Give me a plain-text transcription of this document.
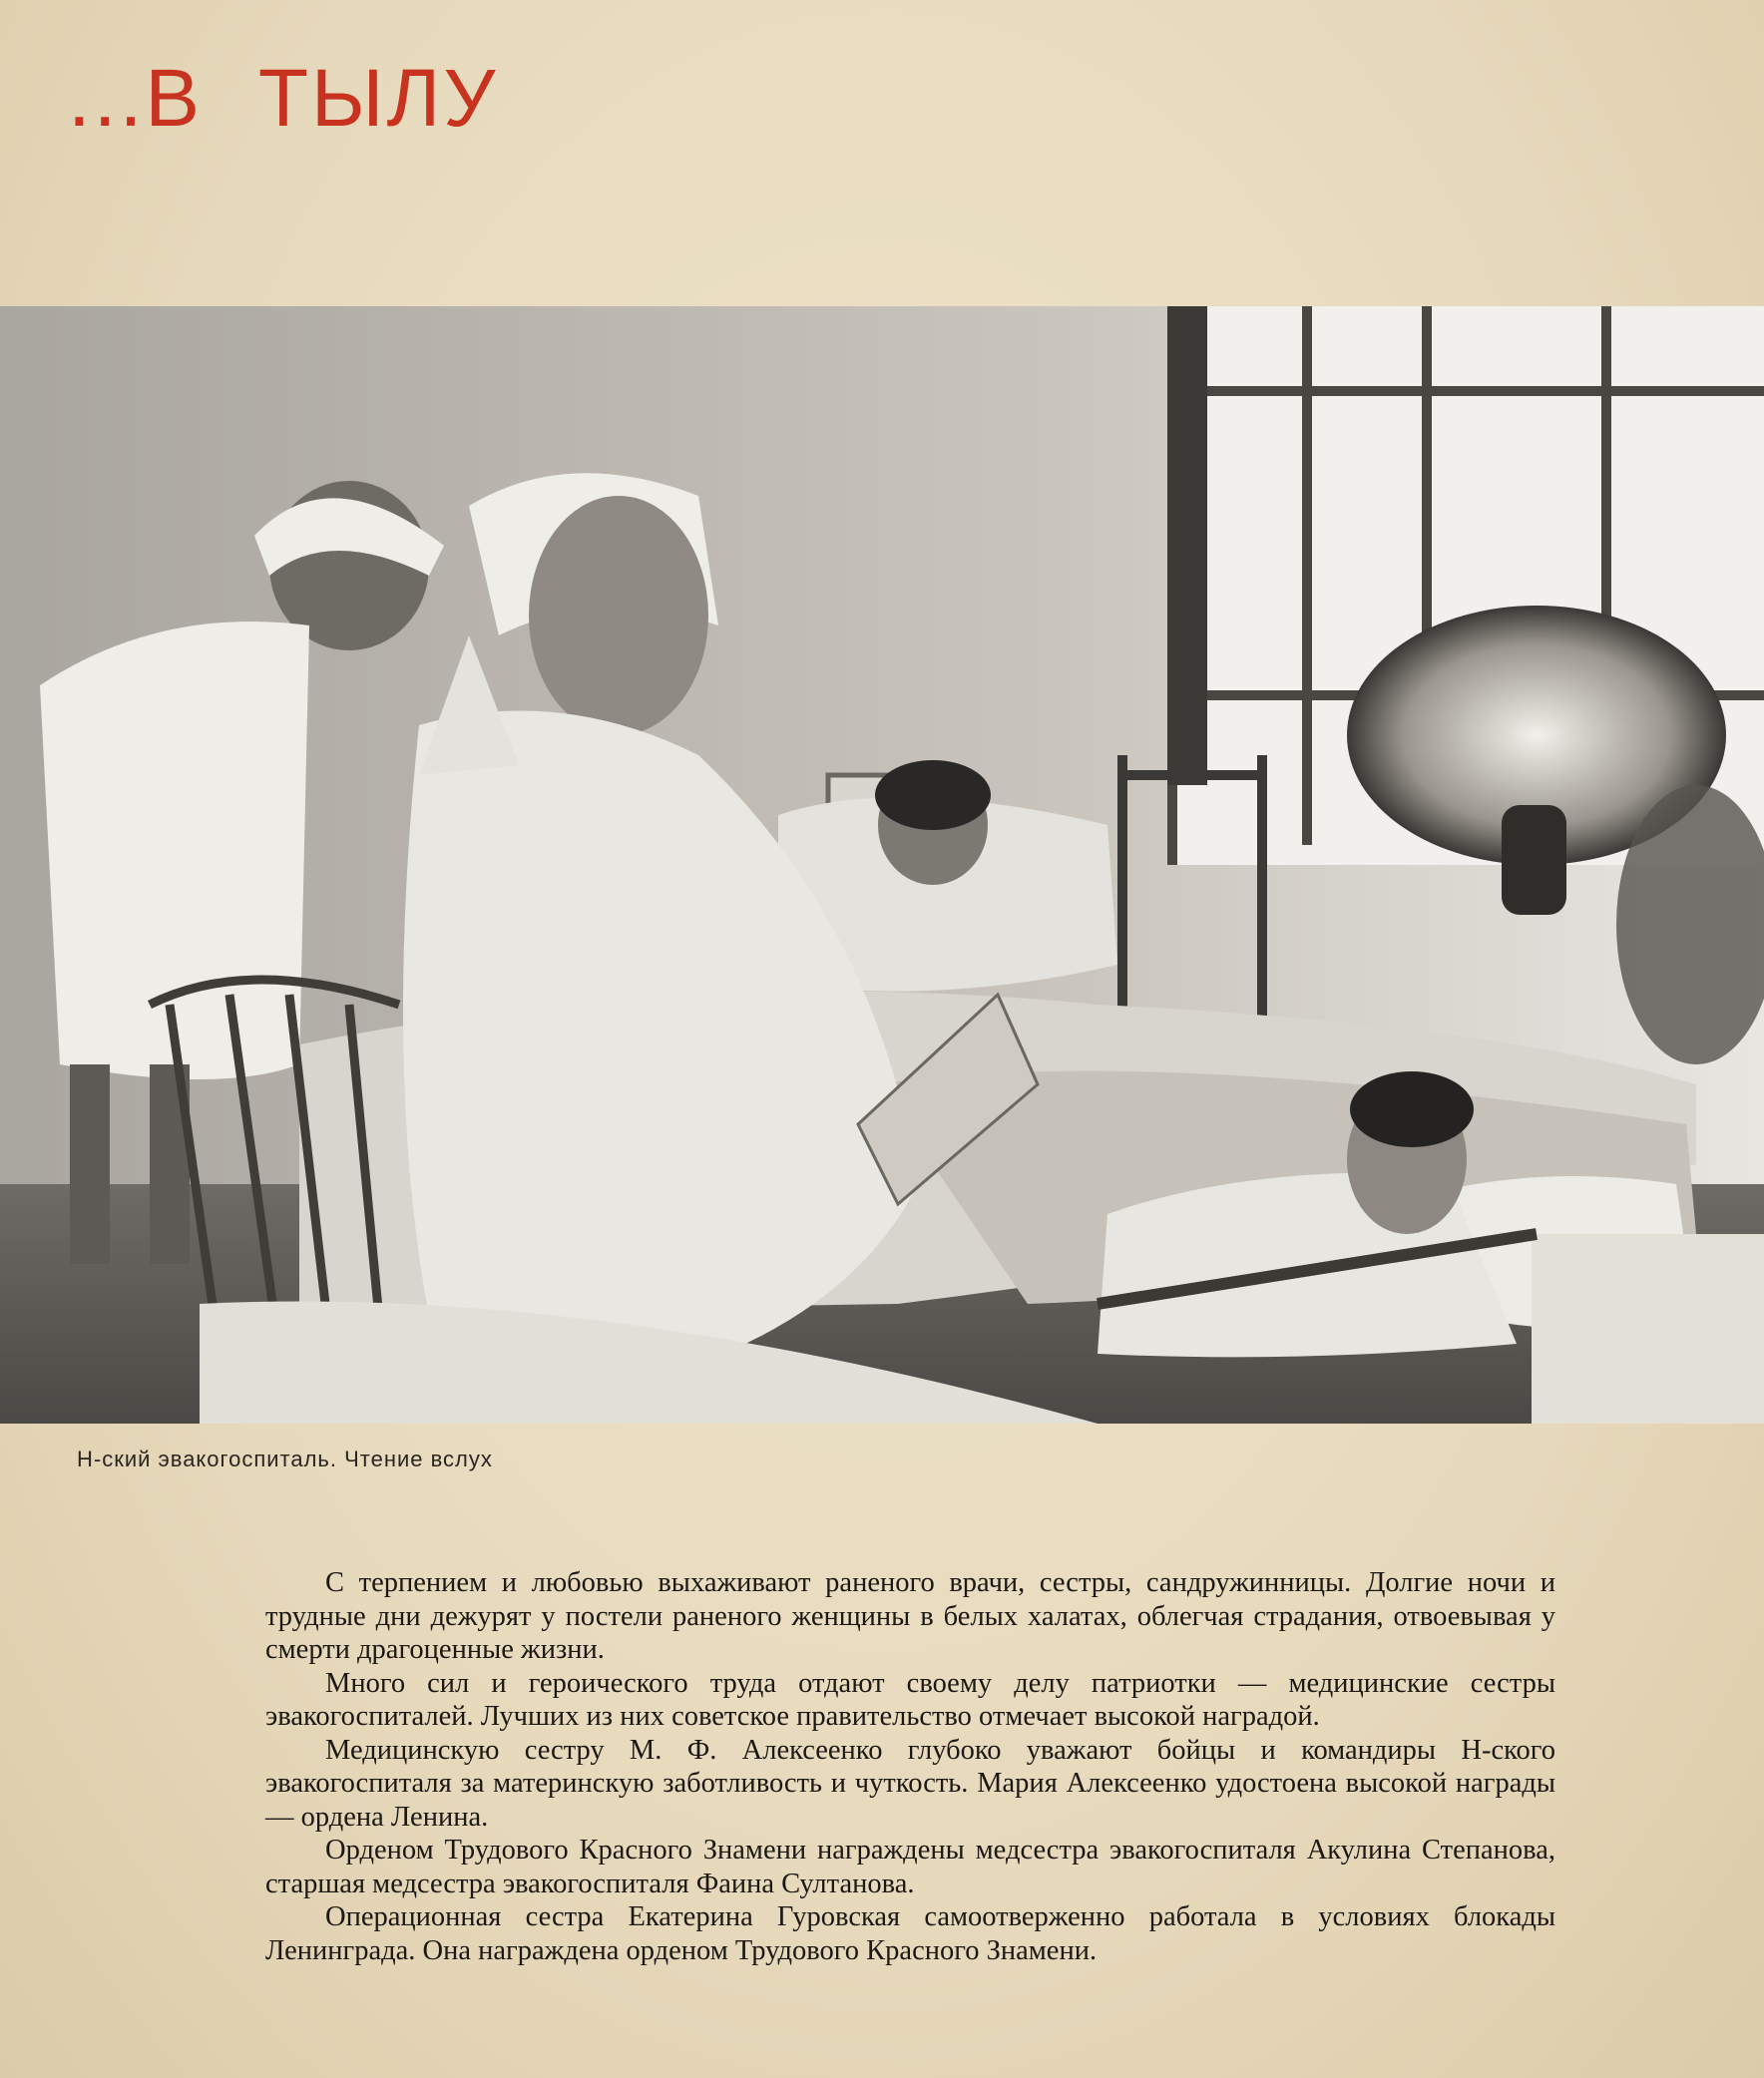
...В ТЫЛУ
Н-ский эвакогоспиталь. Чтение вслух

С терпением и любовью выхаживают раненого врачи, сестры, сандружинницы. Долгие ночи и трудные дни дежурят у постели раненого женщины в белых халатах, облегчая страдания, отвоевывая у смерти драгоценные жизни.

Много сил и героического труда отдают своему делу патриотки — медицинские сестры эвакогоспиталей. Лучших из них советское правительство отмечает высокой наградой.

Медицинскую сестру М. Ф. Алексеенко глубоко уважают бойцы и командиры Н-ского эвакогоспиталя за материнскую заботливость и чуткость. Мария Алексеенко удостоена высокой награды — ордена Ленина.

Орденом Трудового Красного Знамени награждены медсестра эвакогоспиталя Акулина Степанова, старшая медсестра эвакогоспиталя Фаина Султанова.

Операционная сестра Екатерина Гуровская самоотверженно работала в условиях блокады Ленинграда. Она награждена орденом Трудового Красного Знамени.
